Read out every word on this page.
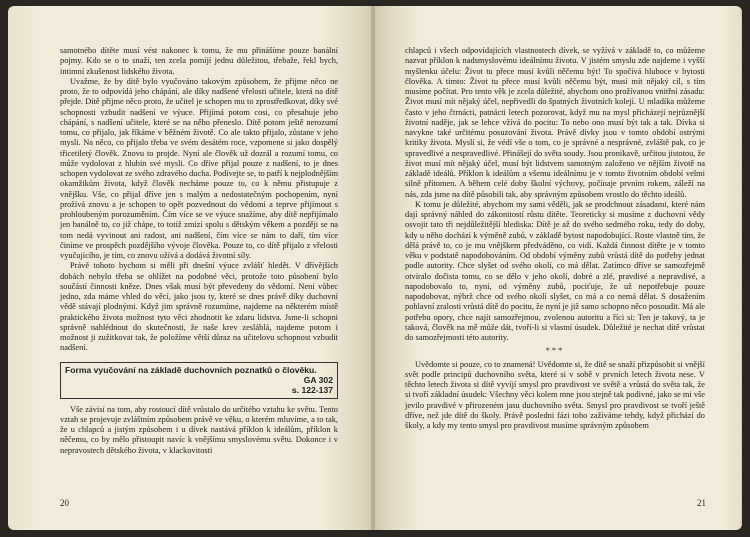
samotného dítěte musí vést nakonec k tomu, že mu přinášíme pouze banální pojmy. Kdo se o to snaží, ten zcela pomíjí jednu důležitou, třebaže, řekl bych, intimní zkušenost lidského života.

Uvažme, že by dítě bylo vyučováno takovým způsobem, že přijme něco ne proto, že to odpovídá jeho chápání, ale díky nadšené vřelosti učitele, která na dítě přejde. Dítě přijme něco proto, že učitel je schopen mu to zprostředkovat, díky své schopnosti vzbudit nadšení ve výuce. Přijímá potom cosi, co přesahuje jeho chápání, s nadšení učitele, které se na něho přeneslo. Dítě potom ještě nerozumí tomu, co přijalo, jak říkáme v běžném životě. Co ale takto přijalo, zůstane v jeho mysli. Na něco, co přijalo třeba ve svém desátém roce, vzpomene si jako dospělý třicetiletý člověk. Znovu to projde. Nyní ale člověk už dozrál a rozumí tomu, co může vydolovat z hlubin své mysli. Co dříve přijal pouze z nadšení, to je dnes schopen vydolovat ze svého zdravého ducha. Podívejte se, to patří k nejplodnějším okamžikům života, když člověk necháme pouze to, co k němu přistupuje z vnějšku. Vše, co přijal dříve jen s malým a nedostatečným pochopením, nyní prožívá znovu a je schopen to opět pozvednout do vědomí a teprve přijímout s prohloubeným porozuměním. Čím více se ve výuce snažíme, aby dítě nepřijímalo jen banálně to, co již chápe, to totiž zmizí spolu s dětským věkem a později se na tom nedá vyvinout ani radost, ani nadšení, čím více se nám to daří, tím více činíme ve prospěch pozdějšího vývoje člověka. Pouze to, co dítě přijalo z vřelosti vyučujícího, je tím, co znovu ožívá a dodává životní síly.

Právě tohoto bychom si měli při dnešní výuce zvlášť hledět. V dřívějších dobách nebylo třeba se ohlížet na podobné věci, protože toto působení bylo součástí činnosti kněze. Dnes však musí být převedeny do vědomí. Není vůbec jedno, zda máme vhled do věcí, jako jsou ty, které se dnes právě díky duchovní vědě stávají plodnými. Když jim správně rozumíme, najdeme na některém místě praktického života možnost tyto věci zhodnotit ke zdaru lidstva. Jsme-li schopni správně nahlédnout do skutečnosti, že naše krev zesláblá, najdeme potom i možnost ji zužitkovat tak, že položíme větší důraz na učitelovu schopnost vzbudit nadšení.

Forma vyučování na základě duchovních poznatků o člověku.
GA 302
s. 122-137

Vše závisí na tom, aby rostoucí dítě vrůstalo do určitého vztahu ke světu. Tento vztah se projevuje zvláštním způsobem právě ve věku, o kterém mluvíme, a to tak, že u chlapců a jistým způsobem i u dívek nastává příklon k ideálům, příklon k něčemu, co by mělo přistoupit navíc k vnějšímu smyslovému světu. Dokonce i v nepravostech dětského života, v klackovitosti

20

chlapců i všech odpovídajících vlastnostech dívek, se vyžívá v základě to, co můžeme nazvat příklon k nadsmyslovému ideálnímu životu. V jistém smyslu zde najdeme i vyšší myšlenku účelu: Život tu přece musí kvůli něčemu být! To spočívá hluboce v bytosti člověka. A tímto: Život tu přece musí kvůli něčemu být, musí mít nějaký cíl, s tím musíme počítat. Pro tento věk je zcela důležité, abychom ono prožívanou vnitřní zásadu: Život musí mít nějaký účel, nepřivedli do špatných životních kolejí. U mladíka můžeme často v jeho čtrnácti, patnácti letech pozorovat, když mu na mysl přicházejí nejrůznější životní naděje, jak se lehce vžívá do pocitu: To nebo ono musí být tak a tak. Dívka si navykne také určitému posuzování života. Právě dívky jsou v tomto období ostrými kritiky života. Myslí si, že védí vše o tom, co je správné a nesprávné, zvláště pak, co je spravedlivé a nespravedlivé. Přinášejí do světa soudy. Jsou pronikavě, určitou jistotou, že život musí mít nějaký účel, musí být lidstvem samotným založeno ve nějším životě na základě ideálů. Příklon k ideálům a všemu ideálnímu je v tomto životním období velmi silně přítomen. A během celé doby školní výchovy, počínaje prvním rokem, záleží na nás, zda jsme na dítě působili tak, aby správným způsobem vrostlo do těchto ideálů.

K tomu je důležité, abychom my sami věděli, jak se prodchnout zásadami, které nám dají správný náhled do zákonitostí růstu dítěte. Teoreticky si musíme z duchovní vědy osvojit tato tři nejdůležitější hlediska: Dítě je až do svého sedmého roku, tedy do doby, kdy u něho dochází k výměně zubů, v základě bytost napodobující. Roste vlastně tím, že dělá právě to, co je mu vnějškem předváděno, co vidí. Každá činnost dítěte je v tomto věku v podstatě napodobováním. Od období výměny zubů vrůstá dítě do potřeby jednat podle autority. Chce slyšet od svého okolí, co má dělat. Zatímco dříve se samozřejmě otvíralo dočista tomu, co se dělo v jeho okolí, dobré a zlé, pravdivé a nepravdivé, a napodobovalo to, nyní, od výměny zubů, pociťuje, že už nepotřebuje pouze napodobovat, nýbrž chce od svého okolí slyšet, co má a co nemá dělat. S dosažením pohlavní zralosti vrůstá dítě do pocitu, že nyní je již samo schopno něco posoudit. Má ale potřebu opory, chce najít samozřejmou, zvolenou autoritu a říci si: Ten je takový, ta je taková, člověk na mě může dát, tvoří-li si vlastní úsudek. Důležité je nechat dítě vrůstat do samozřejmosti této autority.

***

Uvědomte si pouze, co to znamená! Uvědomte si, že dítě se snaží přizpůsobit si vnější svět podle principů duchovního světa, které si v sobě v prvních letech života nese. V těchto letech života si dítě vyvíjí smysl pro pravdivost ve světě a vrůstá do světa tak, že si tvoří základní úsudek: Všechny věci kolem mne jsou stejně tak podivné, jako se mi vše jevilo pravdivé v přirozeném jasu duchovního světa. Smysl pro pravdivost se tvoří ještě dříve, než jde dítě do školy. Právě posledni fázi toho zažíváme tehdy, když přichází do školy, a kdy my tento smysl pro pravdivost musíme správným způsobem

21
